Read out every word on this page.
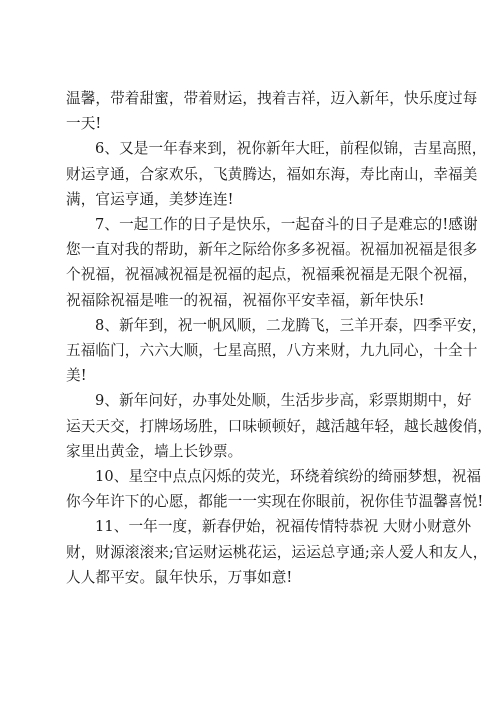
温馨，带着甜蜜，带着财运，拽着吉祥，迈入新年，快乐度过每
一天!

6、又是一年春来到，祝你新年大旺，前程似锦，吉星高照，
财运亨通，合家欢乐，飞黄腾达，福如东海，寿比南山，幸福美
满，官运亨通，美梦连连!

7、一起工作的日子是快乐，一起奋斗的日子是难忘的!感谢
您一直对我的帮助，新年之际给你多多祝福。祝福加祝福是很多
个祝福，祝福减祝福是祝福的起点，祝福乘祝福是无限个祝福，
祝福除祝福是唯一的祝福，祝福你平安幸福，新年快乐!

8、新年到，祝一帆风顺，二龙腾飞，三羊开泰，四季平安，
五福临门，六六大顺，七星高照，八方来财，九九同心，十全十
美!

9、新年问好，办事处处顺，生活步步高，彩票期期中，好
运天天交，打牌场场胜，口味顿顿好，越活越年轻，越长越俊俏，
家里出黄金，墙上长钞票。

10、星空中点点闪烁的荧光，环绕着缤纷的绮丽梦想，祝福
你今年许下的心愿，都能一一实现在你眼前，祝你佳节温馨喜悦!

11、一年一度，新春伊始，祝福传情特恭祝 大财小财意外
财，财源滚滚来;官运财运桃花运，运运总亨通;亲人爱人和友人，
人人都平安。鼠年快乐，万事如意!
